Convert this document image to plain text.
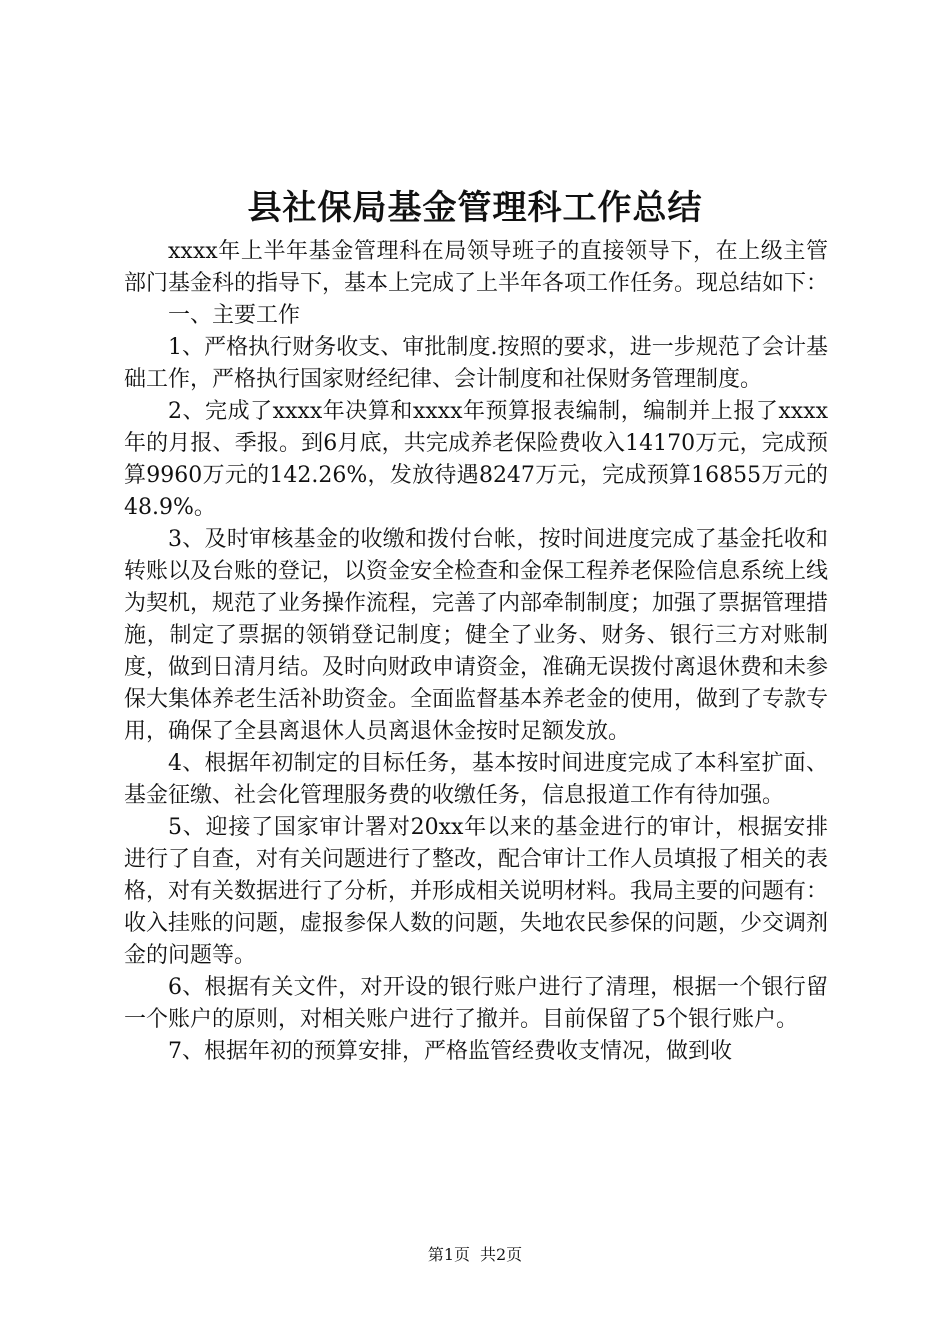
县社保局基金管理科工作总结

xxxx年上半年基金管理科在局领导班子的直接领导下，在上级主管部门基金科的指导下，基本上完成了上半年各项工作任务。现总结如下：

一、主要工作

1、严格执行财务收支、审批制度.按照的要求，进一步规范了会计基础工作，严格执行国家财经纪律、会计制度和社保财务管理制度。

2、完成了xxxx年决算和xxxx年预算报表编制，编制并上报了xxxx年的月报、季报。到6月底，共完成养老保险费收入14170万元，完成预算9960万元的142.26%，发放待遇8247万元，完成预算16855万元的48.9%。

3、及时审核基金的收缴和拨付台帐，按时间进度完成了基金托收和转账以及台账的登记，以资金安全检查和金保工程养老保险信息系统上线为契机，规范了业务操作流程，完善了内部牵制制度；加强了票据管理措施，制定了票据的领销登记制度；健全了业务、财务、银行三方对账制度，做到日清月结。及时向财政申请资金，准确无误拨付离退休费和未参保大集体养老生活补助资金。全面监督基本养老金的使用，做到了专款专用，确保了全县离退休人员离退休金按时足额发放。

4、根据年初制定的目标任务，基本按时间进度完成了本科室扩面、基金征缴、社会化管理服务费的收缴任务，信息报道工作有待加强。

5、迎接了国家审计署对20xx年以来的基金进行的审计，根据安排进行了自查，对有关问题进行了整改，配合审计工作人员填报了相关的表格，对有关数据进行了分析，并形成相关说明材料。我局主要的问题有：收入挂账的问题，虚报参保人数的问题，失地农民参保的问题，少交调剂金的问题等。

6、根据有关文件，对开设的银行账户进行了清理，根据一个银行留一个账户的原则，对相关账户进行了撤并。目前保留了5个银行账户。

7、根据年初的预算安排，严格监管经费收支情况，做到收

第1页 共2页
